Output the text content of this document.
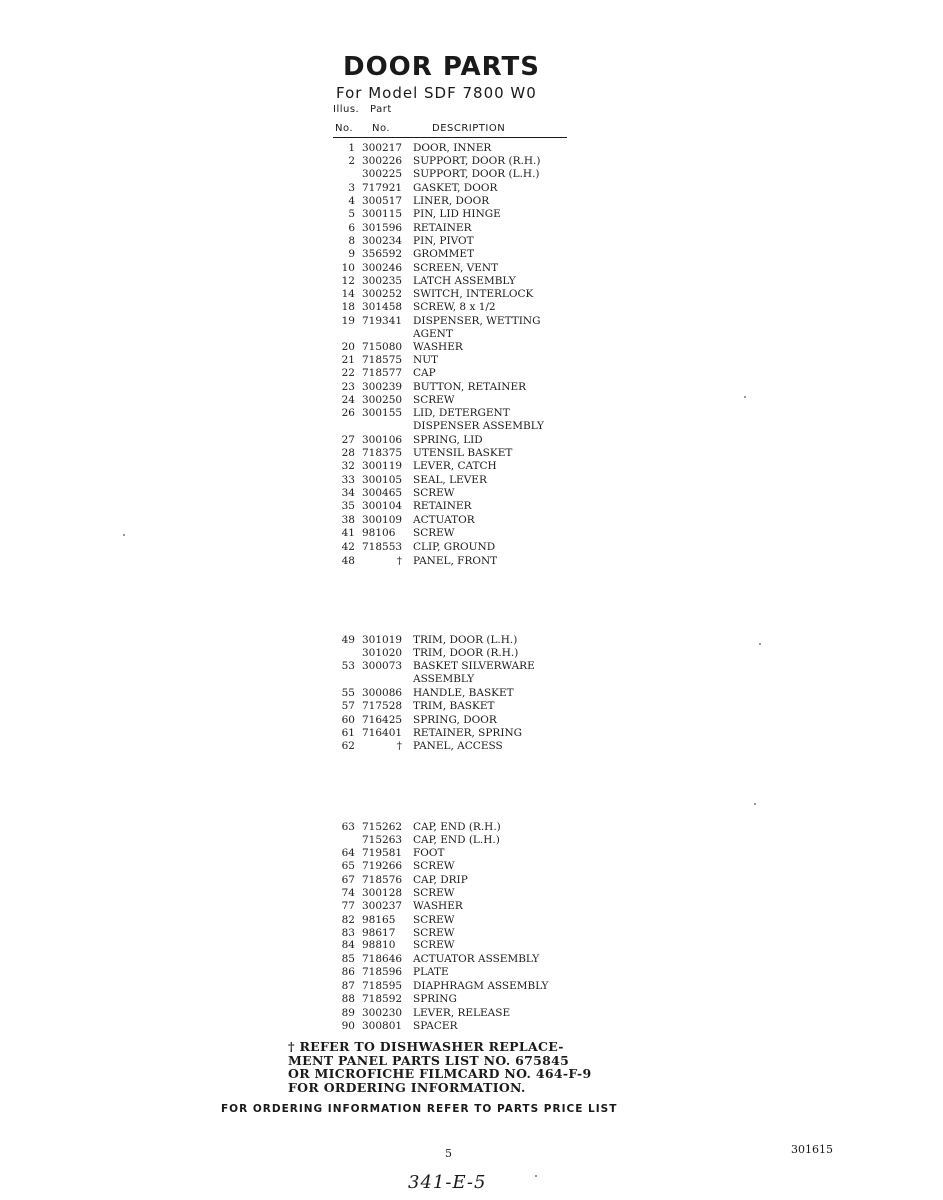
DOOR PARTS
For Model SDF 7800 W0
Illus. Part
No. No.	DESCRIPTION
1 300217	DOOR, INNER
2 300226	SUPPORT, DOOR (R.H.)
300225	SUPPORT, DOOR (L.H.)
3 717921	GASKET, DOOR
4 300517	LINER, DOOR
5 300115	PIN, LID HINGE
6 301596	RETAINER
8 300234	PIN, PIVOT
9 356592	GROMMET
10 300246	SCREEN, VENT
12 300235	LATCH ASSEMBLY
14 300252	SWITCH, INTERLOCK
18 301458	SCREW, 8 x 1/2
19 719341	DISPENSER, WETTING
AGENT
20 715080	WASHER
21 718575	NUT
22 718577	CAP
23 300239	BUTTON, RETAINER
24 300250	SCREW
26 300155	LID, DETERGENT
DISPENSER ASSEMBLY
27 300106	SPRING, LID
28 718375	UTENSIL BASKET
32 300119	LEVER, CATCH
33 300105	SEAL, LEVER
34 300465	SCREW
35 300104	RETAINER
38 300109	ACTUATOR
41 98106	SCREW
42 718553	CLIP, GROUND
48	† PANEL, FRONT
49 301019	TRIM, DOOR (L.H.)
301020	TRIM, DOOR (R.H.)
53 300073	BASKET SILVERWARE
ASSEMBLY
55 300086	HANDLE, BASKET
57 717528	TRIM, BASKET
60 716425	SPRING, DOOR
61 716401	RETAINER, SPRING
62	† PANEL, ACCESS
63 715262	CAP, END (R.H.)
715263	CAP, END (L.H.)
64 719581	FOOT
65 719266	SCREW
67 718576	CAP, DRIP
74 300128	SCREW
77 300237	WASHER
82 98165	SCREW
83 98617	SCREW
84 98810	SCREW
85 718646	ACTUATOR ASSEMBLY
86 718596	PLATE
87 718595	DIAPHRAGM ASSEMBLY
88 718592	SPRING
89 300230	LEVER, RELEASE
90 300801	SPACER
† REFER TO DISHWASHER REPLACE-
MENT PANEL PARTS LIST NO. 675845
OR MICROFICHE FILMCARD NO. 464-F-9
FOR ORDERING INFORMATION.
FOR ORDERING INFORMATION REFER TO PARTS PRICE LIST
5	301615
341-E-5
